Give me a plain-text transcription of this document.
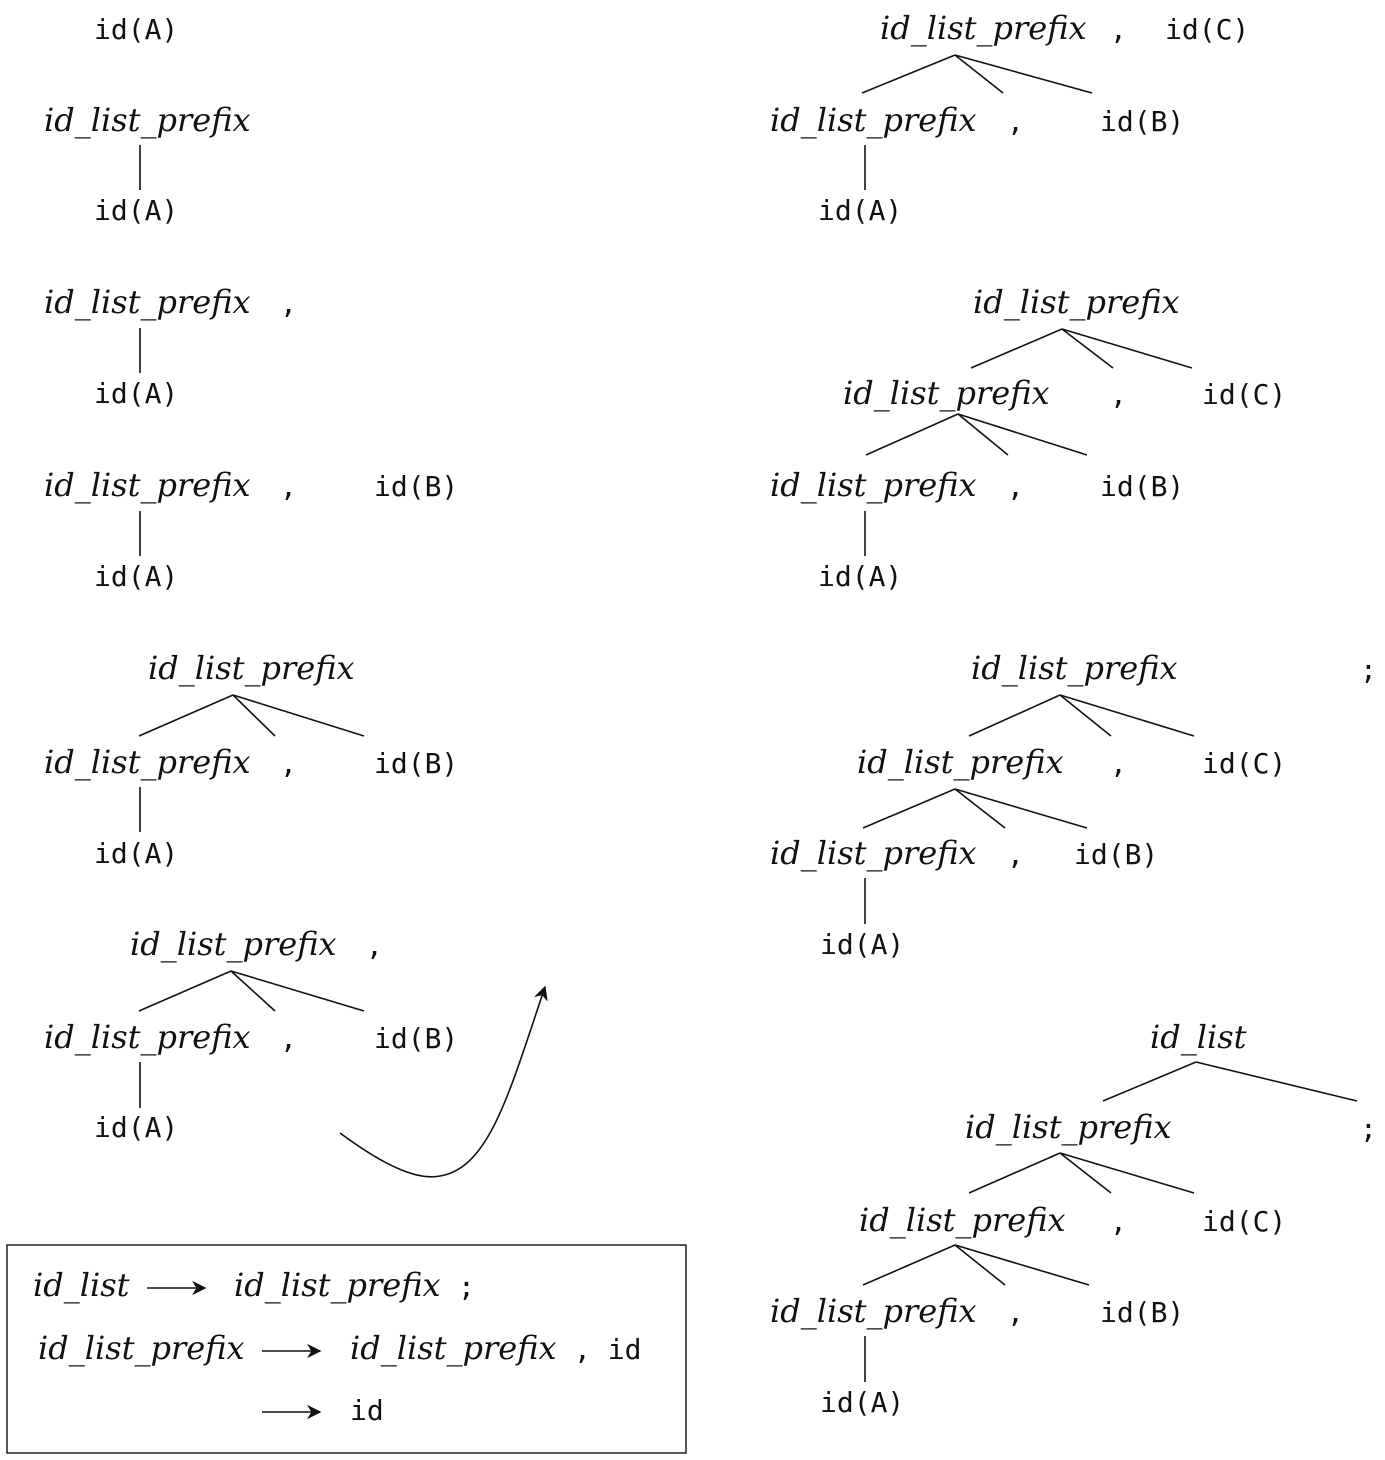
id(A)
id_list_prefix
id(A)
id_list_prefix ,
id(A)
id_list_prefix ,	id(B)
id(A)
id_list_prefix
id_list_prefix ,	id(B)
id(A)
id_list_prefix ,
id_list_prefix ,	id(B)
id(A)
id_list	id_list_prefix ;
id_list_prefix	id_list_prefix , id
id
id_list_prefix , id(C)
id_list_prefix ,	id(B)
id(A)
id_list_prefix
id_list_prefix ,	id(C)
id_list_prefix ,	id(B)
id(A)
id_list_prefix	;
id_list_prefix ,	id(C)
id_list_prefix , id(B)
id(A)
id_list
id_list_prefix	;
id_list_prefix ,	id(C)
id_list_prefix ,	id(B)
id(A)
